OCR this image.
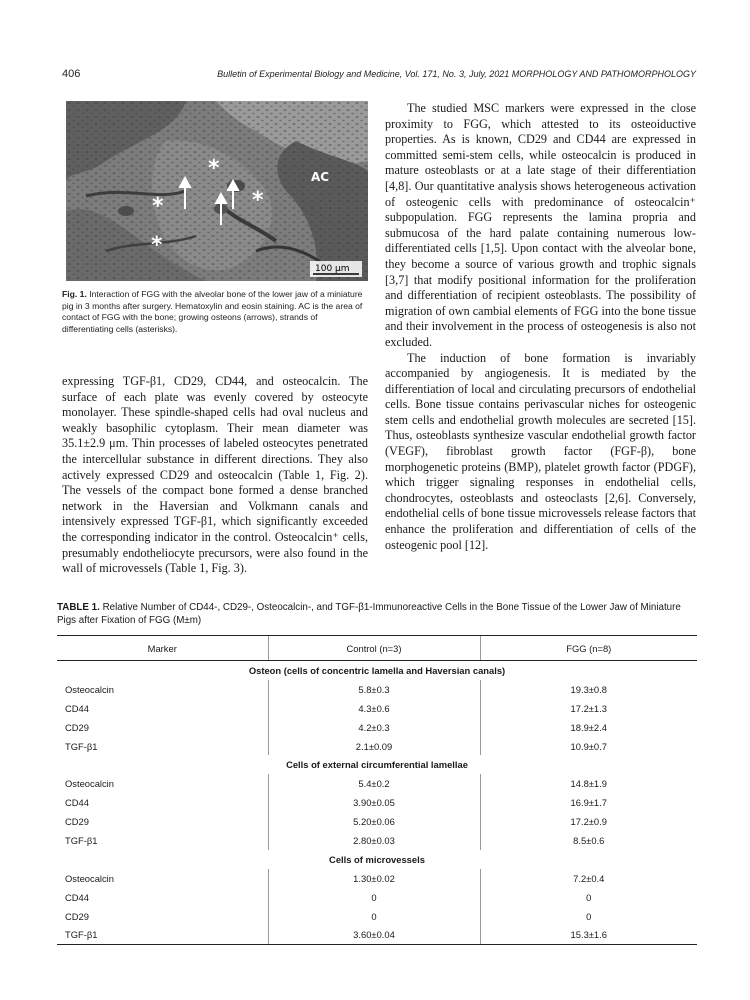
406	Bulletin of Experimental Biology and Medicine, Vol. 171, No. 3, July, 2021 MORPHOLOGY AND PATHOMORPHOLOGY
*
*	*
*
AC
100 μm
Fig. 1. Interaction of FGG with the alveolar bone of the lower jaw of a miniature pig in 3 months after surgery. Hematoxylin and eosin staining. AC is the area of contact of FGG with the bone; growing osteons (arrows), strands of differentiating cells (asterisks).

expressing TGF-β1, CD29, CD44, and osteocalcin. The surface of each plate was evenly covered by osteocyte monolayer. These spindle-shaped cells had oval nucleus and weakly basophilic cytoplasm. Their mean diameter was 35.1±2.9 μm. Thin processes of labeled osteocytes penetrated the intercellular substance in different directions. They also actively expressed CD29 and osteocalcin (Table 1, Fig. 2). The vessels of the compact bone formed a dense branched network in the Haversian and Volkmann canals and intensively expressed TGF-β1, which significantly exceeded the corresponding indicator in the control. Osteocalcin⁺ cells, presumably endotheliocyte precursors, were also found in the wall of microvessels (Table 1, Fig. 3).

The studied MSC markers were expressed in the close proximity to FGG, which attested to its osteoiductive properties. As is known, CD29 and CD44 are expressed in committed semi-stem cells, while osteocalcin is produced in mature osteoblasts or at a late stage of their differentiation [4,8]. Our quantitative analysis shows heterogeneous activation of osteogenic cells with predominance of osteocalcin⁺ subpopulation. FGG represents the lamina propria and submucosa of the hard palate containing numerous low-differentiated cells [1,5]. Upon contact with the alveolar bone, they become a source of various growth and trophic signals [3,7] that modify positional information for the proliferation and differentiation of recipient osteoblasts. The possibility of migration of own cambial elements of FGG into the bone tissue and their involvement in the process of osteogenesis is also not excluded.

The induction of bone formation is invariably accompanied by angiogenesis. It is mediated by the differentiation of local and circulating precursors of endothelial cells. Bone tissue contains perivascular niches for osteogenic stem cells and endothelial growth molecules are secreted [15]. Thus, osteoblasts synthesize vascular endothelial growth factor (VEGF), fibroblast growth factor (FGF-β), bone morphogenetic proteins (BMP), platelet growth factor (PDGF), which trigger signaling responses in endothelial cells, chondrocytes, osteoblasts and osteoclasts [2,6]. Conversely, endothelial cells of bone tissue microvessels release factors that enhance the proliferation and differentiation of cells of the osteogenic pool [12].

TABLE 1. Relative Number of CD44-, CD29-, Osteocalcin-, and TGF-β1-Immunoreactive Cells in the Bone Tissue of the Lower Jaw of Miniature Pigs after Fixation of FGG (M±m)
Marker	Control (n=3)	FGG (n=8)
Osteon (cells of concentric lamella and Haversian canals)		
Osteocalcin	5.8±0.3	19.3±0.8
CD44	4.3±0.6	17.2±1.3
CD29	4.2±0.3	18.9±2.4
TGF-β1	2.1±0.09	10.9±0.7
Cells of external circumferential lamellae		
Osteocalcin	5.4±0.2	14.8±1.9
CD44	3.90±0.05	16.9±1.7
CD29	5.20±0.06	17.2±0.9
TGF-β1	2.80±0.03	8.5±0.6
Cells of microvessels		
Osteocalcin	1.30±0.02	7.2±0.4
CD44	0	0
CD29	0	0
TGF-β1	3.60±0.04	15.3±1.6
